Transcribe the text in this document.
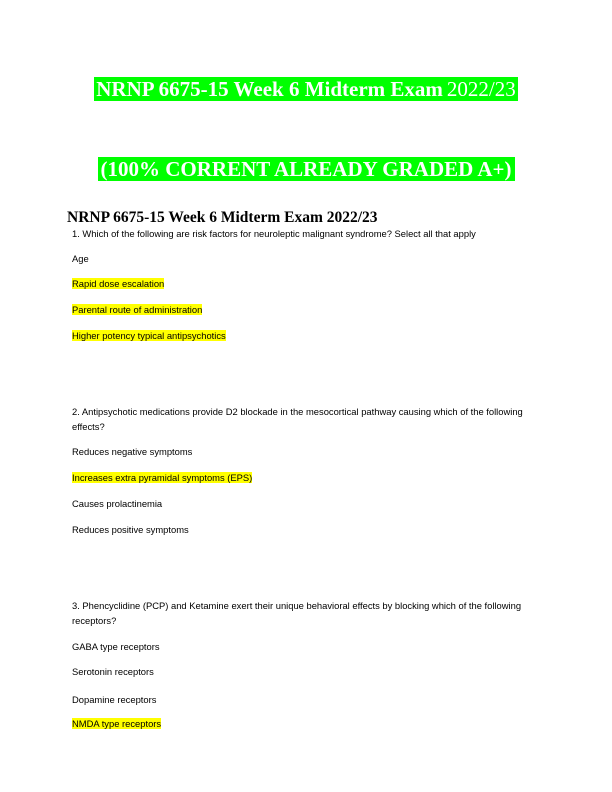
NRNP 6675-15 Week 6 Midterm Exam 2022/23
(100% CORRENT ALREADY GRADED A+)
NRNP 6675-15 Week 6 Midterm Exam 2022/23
1. Which of the following are risk factors for neuroleptic malignant syndrome? Select all that apply
Age
Rapid dose escalation
Parental route of administration
Higher potency typical antipsychotics
2. Antipsychotic medications provide D2 blockade in the mesocortical pathway causing which of the following effects?
Reduces negative symptoms
Increases extra pyramidal symptoms (EPS)
Causes prolactinemia
Reduces positive symptoms
3. Phencyclidine (PCP) and Ketamine exert their unique behavioral effects by blocking which of the following receptors?
GABA type receptors
Serotonin receptors
Dopamine receptors
NMDA type receptors
